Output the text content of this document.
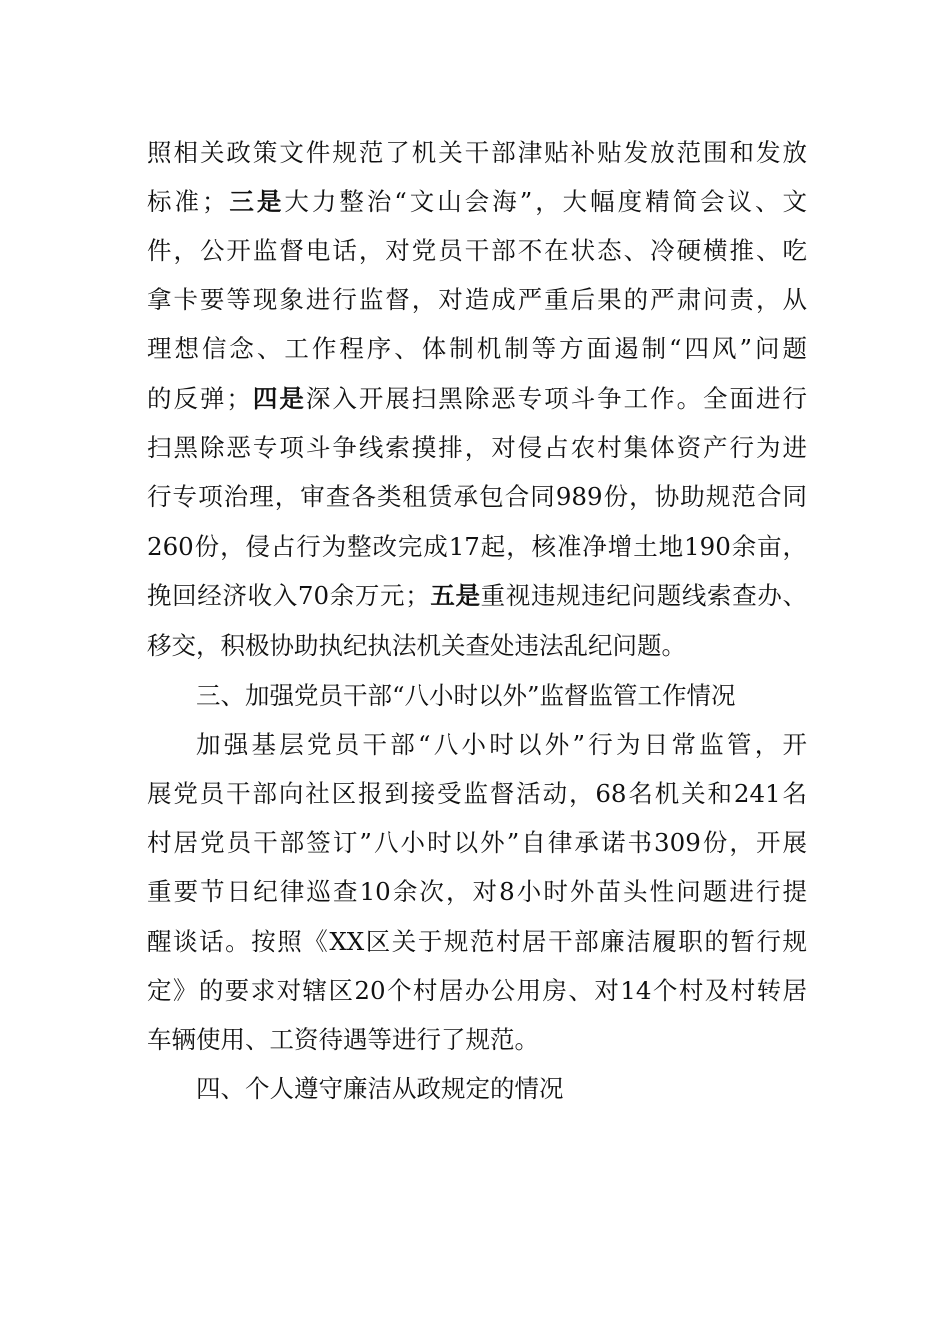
照相关政策文件规范了机关干部津贴补贴发放范围和发放
标准；三是大力整治“文山会海”，大幅度精简会议、文
件，公开监督电话，对党员干部不在状态、冷硬横推、吃
拿卡要等现象进行监督，对造成严重后果的严肃问责，从
理想信念、工作程序、体制机制等方面遏制“四风”问题
的反弹；四是深入开展扫黑除恶专项斗争工作。全面进行
扫黑除恶专项斗争线索摸排，对侵占农村集体资产行为进
行专项治理，审查各类租赁承包合同989份，协助规范合同
260份，侵占行为整改完成17起，核准净增土地190余亩，
挽回经济收入70余万元；五是重视违规违纪问题线索查办、
移交，积极协助执纪执法机关查处违法乱纪问题。
三、加强党员干部“八小时以外”监督监管工作情况
加强基层党员干部“八小时以外”行为日常监管，开
展党员干部向社区报到接受监督活动，68名机关和241名
村居党员干部签订”八小时以外”自律承诺书309份，开展
重要节日纪律巡查10余次，对8小时外苗头性问题进行提
醒谈话。按照《XX区关于规范村居干部廉洁履职的暂行规
定》的要求对辖区20个村居办公用房、对14个村及村转居
车辆使用、工资待遇等进行了规范。
四、个人遵守廉洁从政规定的情况
